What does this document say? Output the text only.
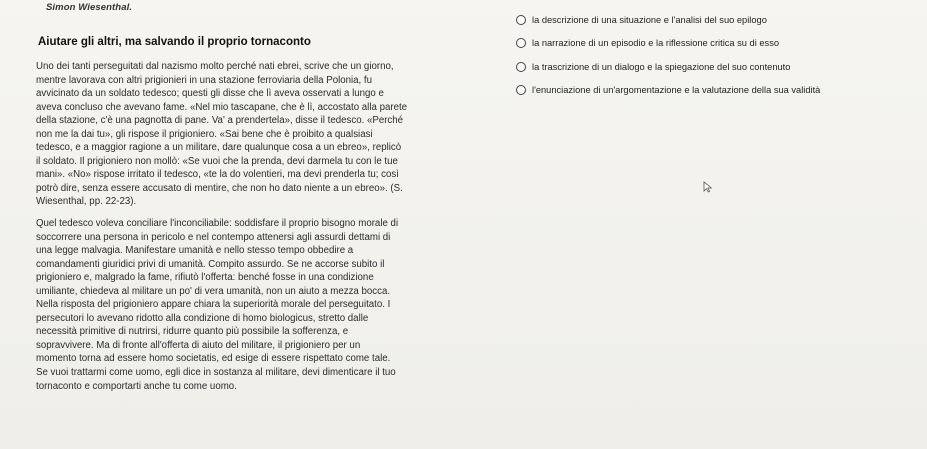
Simon Wiesenthal.
Aiutare gli altri, ma salvando il proprio tornaconto

Uno dei tanti perseguitati dal nazismo molto perché nati ebrei, scrive che un giorno,

mentre lavorava con altri prigionieri in una stazione ferroviaria della Polonia, fu

avvicinato da un soldato tedesco; questi gli disse che lì aveva osservati a lungo e

aveva concluso che avevano fame. «Nel mio tascapane, che è lì, accostato alla parete

della stazione, c'è una pagnotta di pane. Va' a prendertela», disse il tedesco. «Perché

non me la dai tu», gli rispose il prigioniero. «Sai bene che è proibito a qualsiasi

tedesco, e a maggior ragione a un militare, dare qualunque cosa a un ebreo», replicò

il soldato. Il prigioniero non mollò: «Se vuoi che la prenda, devi darmela tu con le tue

mani». «No» rispose irritato il tedesco, «te la do volentieri, ma devi prenderla tu; così

potrò dire, senza essere accusato di mentire, che non ho dato niente a un ebreo». (S.

Wiesenthal, pp. 22-23).

Quel tedesco voleva conciliare l'inconciliabile: soddisfare il proprio bisogno morale di

soccorrere una persona in pericolo e nel contempo attenersi agli assurdi dettami di

una legge malvagia. Manifestare umanità e nello stesso tempo obbedire a

comandamenti giuridici privi di umanità. Compito assurdo. Se ne accorse subito il

prigioniero e, malgrado la fame, rifiutò l'offerta: benché fosse in una condizione

umiliante, chiedeva al militare un po' di vera umanità, non un aiuto a mezza bocca.

Nella risposta del prigioniero appare chiara la superiorità morale del perseguitato. I

persecutori lo avevano ridotto alla condizione di homo biologicus, stretto dalle

necessità primitive di nutrirsi, ridurre quanto più possibile la sofferenza, e

sopravvivere. Ma di fronte all'offerta di aiuto del militare, il prigioniero per un

momento torna ad essere homo societatis, ed esige di essere rispettato come tale.

Se vuoi trattarmi come uomo, egli dice in sostanza al militare, devi dimenticare il tuo

tornaconto e comportarti anche tu come uomo.

la descrizione di una situazione e l'analisi del suo epilogo
la narrazione di un episodio e la riflessione critica su di esso
la trascrizione di un dialogo e la spiegazione del suo contenuto
l'enunciazione di un'argomentazione e la valutazione della sua validità
